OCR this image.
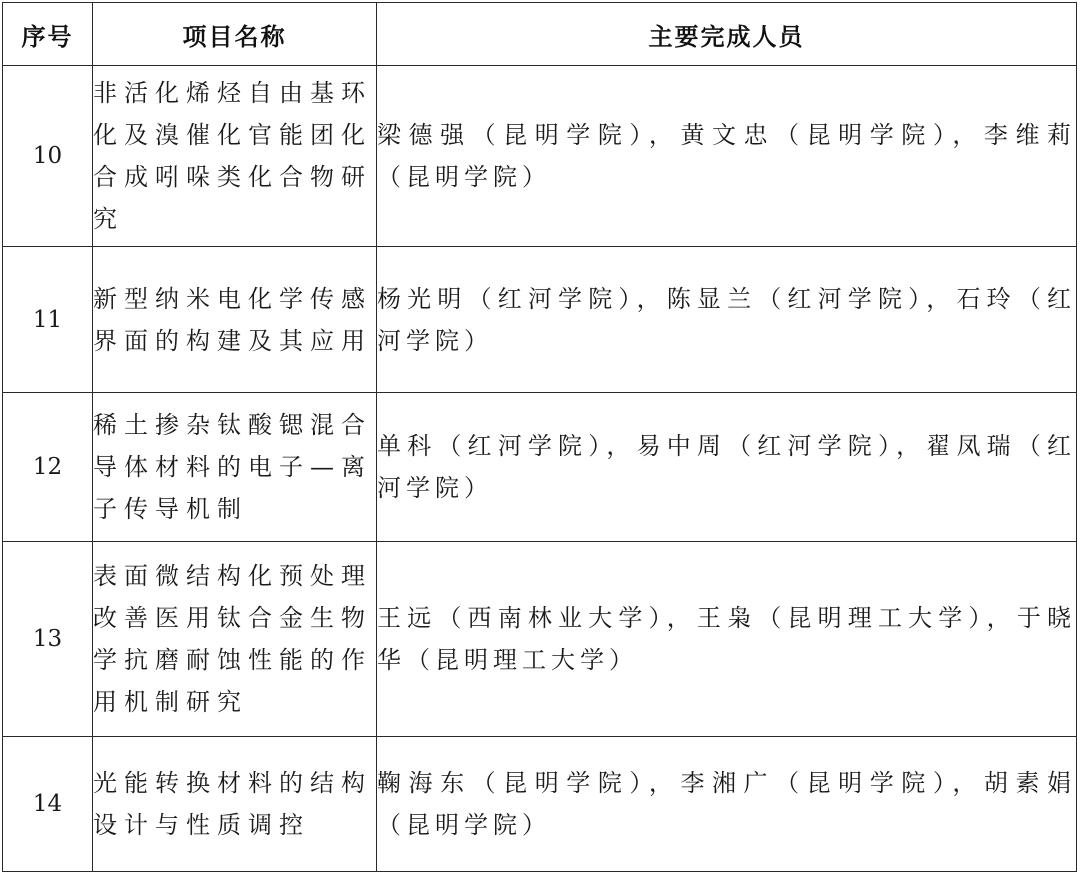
序号	项目名称	主要完成人员
10	非活化烯烃自由基环化及溴催化官能团化合成吲哚类化合物研究	梁德强（昆明学院），黄文忠（昆明学院），李维莉（昆明学院）
11	新型纳米电化学传感界面的构建及其应用	杨光明（红河学院），陈显兰（红河学院），石玲（红河学院）
12	稀土掺杂钛酸锶混合导体材料的电子—离子传导机制	单科（红河学院），易中周（红河学院），翟凤瑞（红河学院）
13	表面微结构化预处理改善医用钛合金生物学抗磨耐蚀性能的作用机制研究	王远（西南林业大学），王枭（昆明理工大学），于晓华（昆明理工大学）
14	光能转换材料的结构设计与性质调控	鞠海东（昆明学院），李湘广（昆明学院），胡素娟（昆明学院）
